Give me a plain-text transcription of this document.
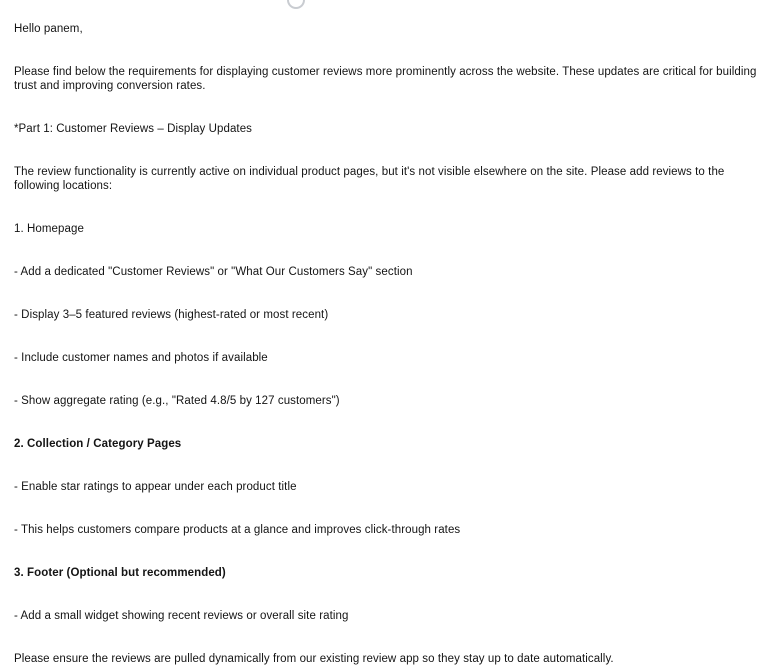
Hello panem,

Please find below the requirements for displaying customer reviews more prominently across the website. These updates are critical for building trust and improving conversion rates.

*Part 1: Customer Reviews – Display Updates

The review functionality is currently active on individual product pages, but it's not visible elsewhere on the site. Please add reviews to the following locations:

1. Homepage

- Add a dedicated "Customer Reviews" or "What Our Customers Say" section

- Display 3–5 featured reviews (highest-rated or most recent)

- Include customer names and photos if available

- Show aggregate rating (e.g., "Rated 4.8/5 by 127 customers")

2. Collection / Category Pages

- Enable star ratings to appear under each product title

- This helps customers compare products at a glance and improves click-through rates

3. Footer (Optional but recommended)

- Add a small widget showing recent reviews or overall site rating

Please ensure the reviews are pulled dynamically from our existing review app so they stay up to date automatically.
